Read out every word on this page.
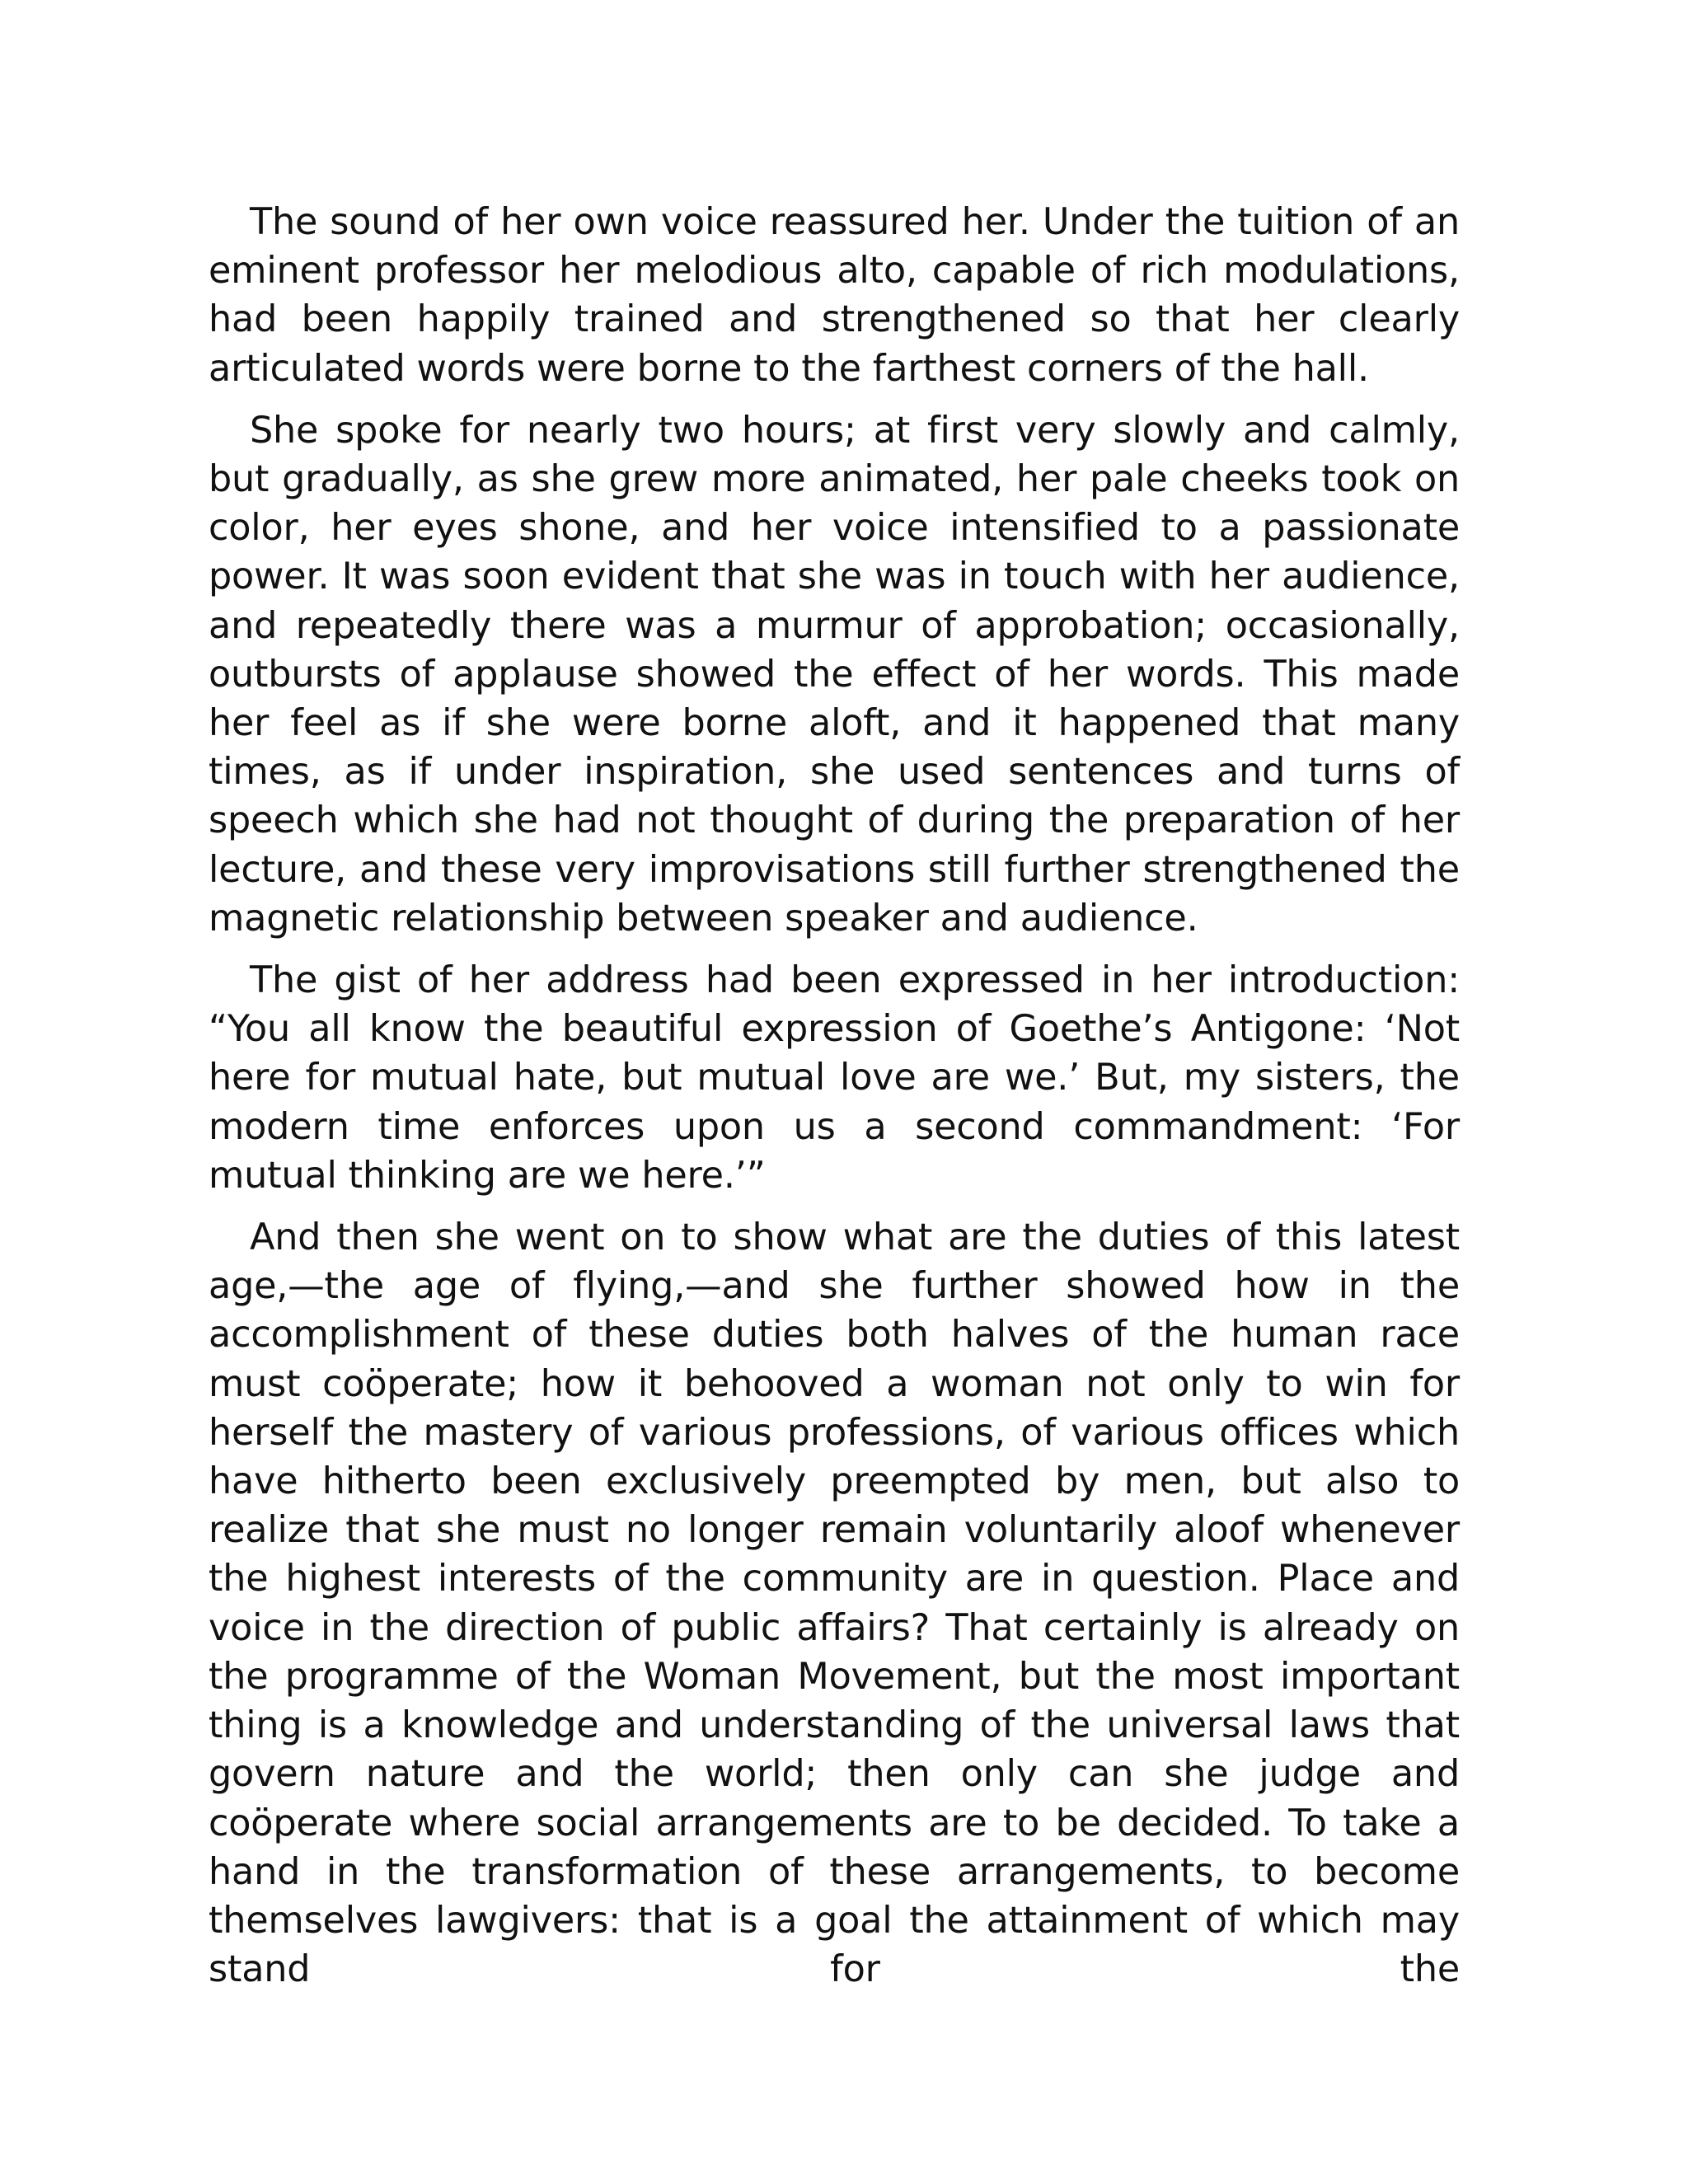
The sound of her own voice reassured her. Under the tuition of an eminent professor her melodious alto, capable of rich modulations, had been happily trained and strengthened so that her clearly articulated words were borne to the farthest corners of the hall.

She spoke for nearly two hours; at first very slowly and calmly, but gradually, as she grew more animated, her pale cheeks took on color, her eyes shone, and her voice intensified to a passionate power. It was soon evident that she was in touch with her audience, and repeatedly there was a murmur of approbation; occasionally, outbursts of applause showed the effect of her words. This made her feel as if she were borne aloft, and it happened that many times, as if under inspiration, she used sentences and turns of speech which she had not thought of during the preparation of her lecture, and these very improvisations still further strengthened the magnetic relationship between speaker and audience.

The gist of her address had been expressed in her introduction: “You all know the beautiful expression of Goethe’s Antigone: ‘Not here for mutual hate, but mutual love are we.’ But, my sisters, the modern time enforces upon us a second commandment: ‘For mutual thinking are we here.’”

And then she went on to show what are the duties of this latest age,—the age of flying,—and she further showed how in the accomplishment of these duties both halves of the human race must coöperate; how it behooved a woman not only to win for herself the mastery of various professions, of various offices which have hitherto been exclusively preempted by men, but also to realize that she must no longer remain voluntarily aloof whenever the highest interests of the community are in question. Place and voice in the direction of public affairs? That certainly is already on the programme of the Woman Movement, but the most important thing is a knowledge and understanding of the universal laws that govern nature and the world; then only can she judge and coöperate where social arrangements are to be decided. To take a hand in the transformation of these arrangements, to become themselves lawgivers: that is a goal the attainment of which may stand for the
